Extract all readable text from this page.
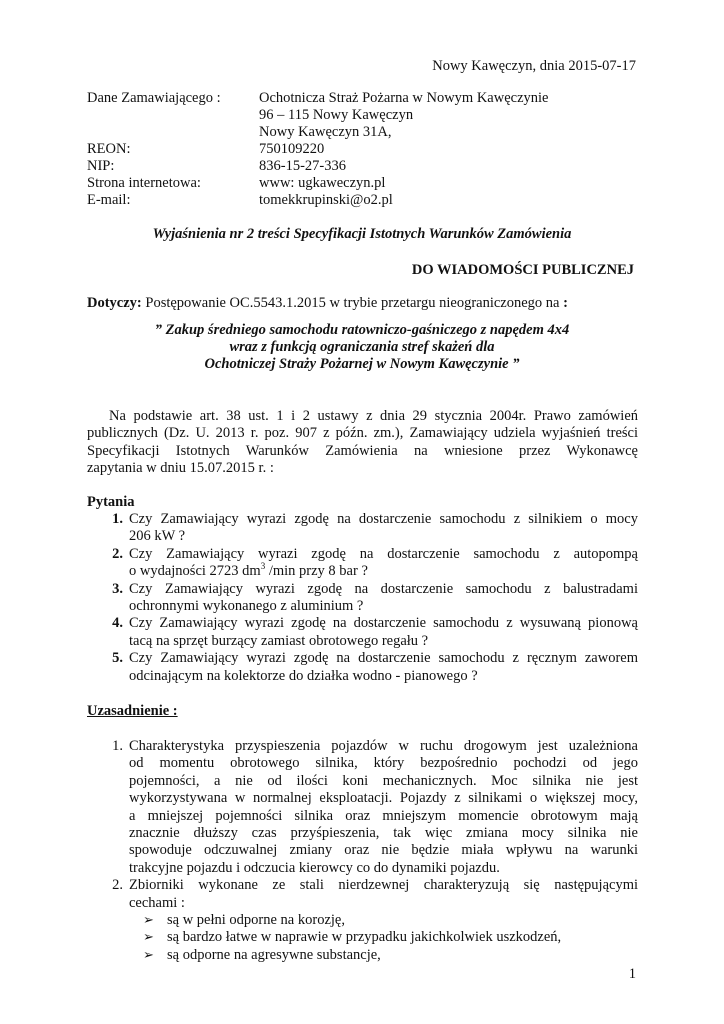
Nowy Kawęczyn, dnia 2015-07-17
Dane Zamawiającego :	Ochotnicza Straż Pożarna w Nowym Kawęczynie
96 – 115 Nowy Kawęczyn
Nowy Kawęczyn 31A,
REON:	750109220
NIP:	836-15-27-336
Strona internetowa:	www: ugkaweczyn.pl
E-mail:	tomekkrupinski@o2.pl
Wyjaśnienia nr 2 treści Specyfikacji Istotnych Warunków Zamówienia
DO WIADOMOŚCI PUBLICZNEJ
Dotyczy: Postępowanie OC.5543.1.2015 w trybie przetargu nieograniczonego na :
” Zakup średniego samochodu ratowniczo-gaśniczego z napędem 4x4
wraz z funkcją ograniczania stref skażeń dla
Ochotniczej Straży Pożarnej w Nowym Kawęczynie ”
Na podstawie art. 38 ust. 1 i 2 ustawy z dnia 29 stycznia 2004r. Prawo zamówień
publicznych (Dz. U. 2013 r. poz. 907 z późn. zm.), Zamawiający udziela wyjaśnień treści
Specyfikacji Istotnych Warunków Zamówienia na wniesione przez Wykonawcę
zapytania w dniu 15.07.2015 r. :
Pytania
1. Czy Zamawiający wyrazi zgodę na dostarczenie samochodu z silnikiem o mocy
206 kW ?
2. Czy Zamawiający wyrazi zgodę na dostarczenie samochodu z autopompą
o wydajności 2723 $dm^3$ /min przy 8 bar ?
3. Czy Zamawiający wyrazi zgodę na dostarczenie samochodu z balustradami
ochronnymi wykonanego z aluminium ?
4. Czy Zamawiający wyrazi zgodę na dostarczenie samochodu z wysuwaną pionową
tacą na sprzęt burzący zamiast obrotowego regału ?
5. Czy Zamawiający wyrazi zgodę na dostarczenie samochodu z ręcznym zaworem
odcinającym na kolektorze do działka wodno - pianowego ?
Uzasadnienie :
1. Charakterystyka przyspieszenia pojazdów w ruchu drogowym jest uzależniona
od momentu obrotowego silnika, który bezpośrednio pochodzi od jego
pojemności, a nie od ilości koni mechanicznych. Moc silnika nie jest
wykorzystywana w normalnej eksploatacji. Pojazdy z silnikami o większej mocy,
a mniejszej pojemności silnika oraz mniejszym momencie obrotowym mają
znacznie dłuższy czas przyśpieszenia, tak więc zmiana mocy silnika nie
spowoduje odczuwalnej zmiany oraz nie będzie miała wpływu na warunki
trakcyjne pojazdu i odczucia kierowcy co do dynamiki pojazdu.
2. Zbiorniki wykonane ze stali nierdzewnej charakteryzują się następującymi
cechami :
➢ są w pełni odporne na korozję,
➢ są bardzo łatwe w naprawie w przypadku jakichkolwiek uszkodzeń,
➢ są odporne na agresywne substancje,
1
